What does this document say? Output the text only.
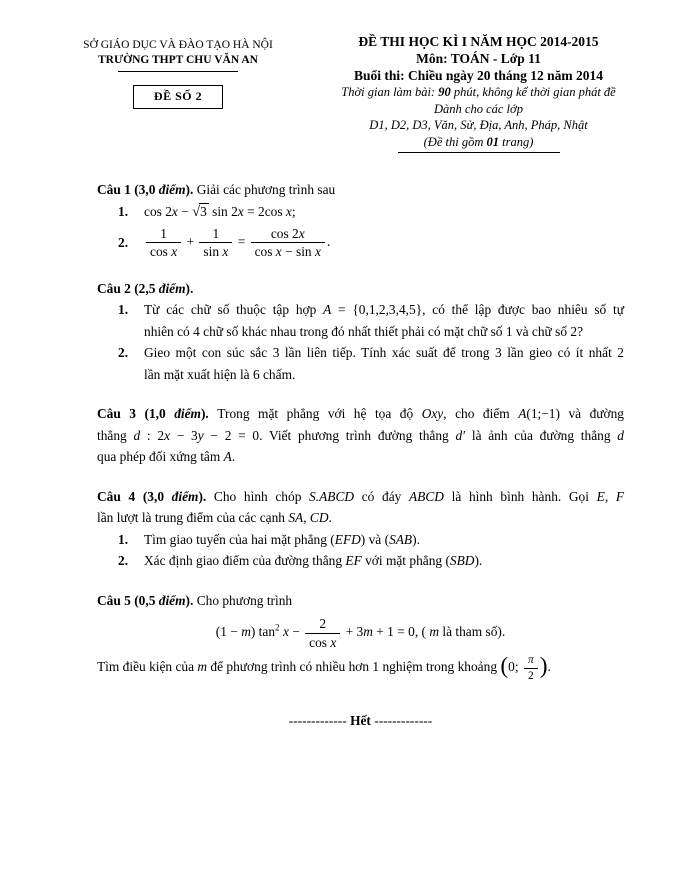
SỞ GIÁO DỤC VÀ ĐÀO TẠO HÀ NỘI
TRƯỜNG THPT CHU VĂN AN
ĐỀ SỐ 2
ĐỀ THI HỌC KÌ I NĂM HỌC 2014-2015
Môn: TOÁN - Lớp 11
Buổi thi: Chiều ngày 20 tháng 12 năm 2014
Thời gian làm bài: 90 phút, không kể thời gian phát đề
Dành cho các lớp
D1, D2, D3, Văn, Sử, Địa, Anh, Pháp, Nhật
(Đề thi gồm 01 trang)
Câu 1 (3,0 điểm). Giải các phương trình sau
1.	cos 2x − √3 sin 2x = 2cos x;
2.	$\frac{1}{\text{cos x}} + \frac{1}{\text{sin x}} = \frac{\cos 2x}{\text{cos x − sin x}}$ .
Câu 2 (2,5 điểm).
1.	Từ các chữ số thuộc tập hợp A = {0,1,2,3,4,5}, có thể lập được bao nhiêu số tự
nhiên có 4 chữ số khác nhau trong đó nhất thiết phải có mặt chữ số 1 và chữ số 2?
2.	Gieo một con súc sắc 3 lần liên tiếp. Tính xác suất để trong 3 lần gieo có ít nhất 2
lần mặt xuất hiện là 6 chấm.
Câu 3 (1,0 điểm). Trong mặt phẳng với hệ tọa độ Oxy, cho điểm A(1;−1) và đường
thẳng d : 2x − 3y − 2 = 0. Viết phương trình đường thẳng d′ là ảnh của đường thẳng d
qua phép đối xứng tâm A.
Câu 4 (3,0 điểm). Cho hình chóp S.ABCD có đáy ABCD là hình bình hành. Gọi E, F
lần lượt là trung điểm của các cạnh SA, CD.
1.	Tìm giao tuyến của hai mặt phẳng (EFD) và (SAB).
2.	Xác định giao điểm của đường thẳng EF với mặt phẳng (SBD).
Câu 5 (0,5 điểm). Cho phương trình
(1 − m) $\tan^2 x - \frac{2}{\text{cos x}} + 3m + 1 = 0$, ( m là tham số).
Tìm điều kiện của m để phương trình có nhiều hơn 1 nghiệm trong khoảng (0; $\frac{\pi}{2}$ ).
------------- Hết -------------
